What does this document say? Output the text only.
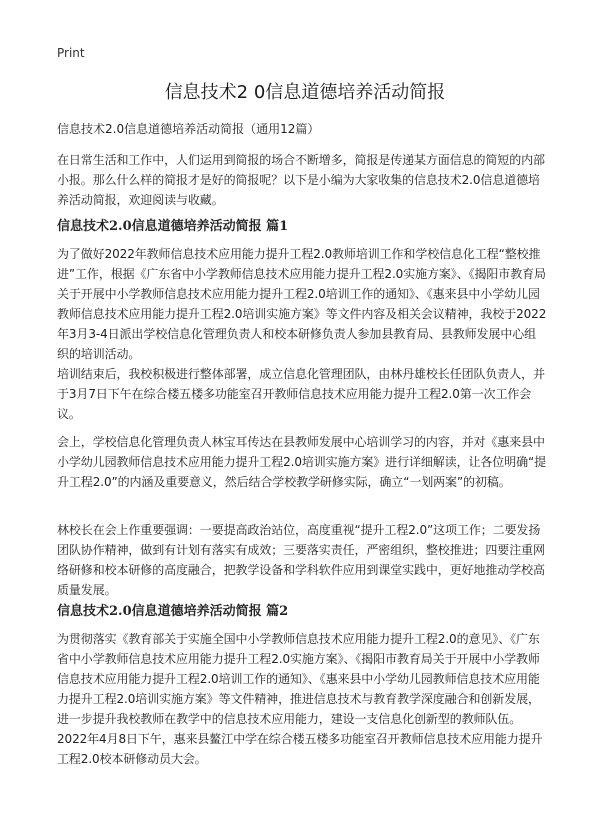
Print
信息技术2 0信息道德培养活动简报

信息技术2.0信息道德培养活动简报（通用12篇）

在日常生活和工作中，人们运用到简报的场合不断增多，简报是传递某方面信息的简短的内部小报。那么什么样的简报才是好的简报呢？以下是小编为大家收集的信息技术2.0信息道德培养活动简报，欢迎阅读与收藏。

信息技术2.0信息道德培养活动简报 篇1

为了做好2022年教师信息技术应用能力提升工程2.0教师培训工作和学校信息化工程“整校推进”工作，根据《广东省中小学教师信息技术应用能力提升工程2.0实施方案》、《揭阳市教育局关于开展中小学教师信息技术应用能力提升工程2.0培训工作的通知》、《惠来县中小学幼儿园教师信息技术应用能力提升工程2.0培训实施方案》等文件内容及相关会议精神，我校于2022年3月3-4日派出学校信息化管理负责人和校本研修负责人参加县教育局、县教师发展中心组织的培训活动。

培训结束后，我校积极进行整体部署，成立信息化管理团队，由林丹雄校长任团队负责人，并于3月7日下午在综合楼五楼多功能室召开教师信息技术应用能力提升工程2.0第一次工作会议。

会上，学校信息化管理负责人林宝耳传达在县教师发展中心培训学习的内容，并对《惠来县中小学幼儿园教师信息技术应用能力提升工程2.0培训实施方案》进行详细解读，让各位明确“提升工程2.0”的内涵及重要意义，然后结合学校教学研修实际，确立“一划两案”的初稿。

林校长在会上作重要强调：一要提高政治站位，高度重视“提升工程2.0”这项工作；二要发扬团队协作精神，做到有计划有落实有成效；三要落实责任，严密组织，整校推进；四要注重网络研修和校本研修的高度融合，把教学设备和学科软件应用到课堂实践中，更好地推动学校高质量发展。

信息技术2.0信息道德培养活动简报 篇2

为贯彻落实《教育部关于实施全国中小学教师信息技术应用能力提升工程2.0的意见》、《广东省中小学教师信息技术应用能力提升工程2.0实施方案》、《揭阳市教育局关于开展中小学教师信息技术应用能力提升工程2.0培训工作的通知》、《惠来县中小学幼儿园教师信息技术应用能力提升工程2.0培训实施方案》等文件精神，推进信息技术与教育教学深度融合和创新发展，进一步提升我校教师在教学中的信息技术应用能力，建设一支信息化创新型的教师队伍。2022年4月8日下午，惠来县鳌江中学在综合楼五楼多功能室召开教师信息技术应用能力提升工程2.0校本研修动员大会。
